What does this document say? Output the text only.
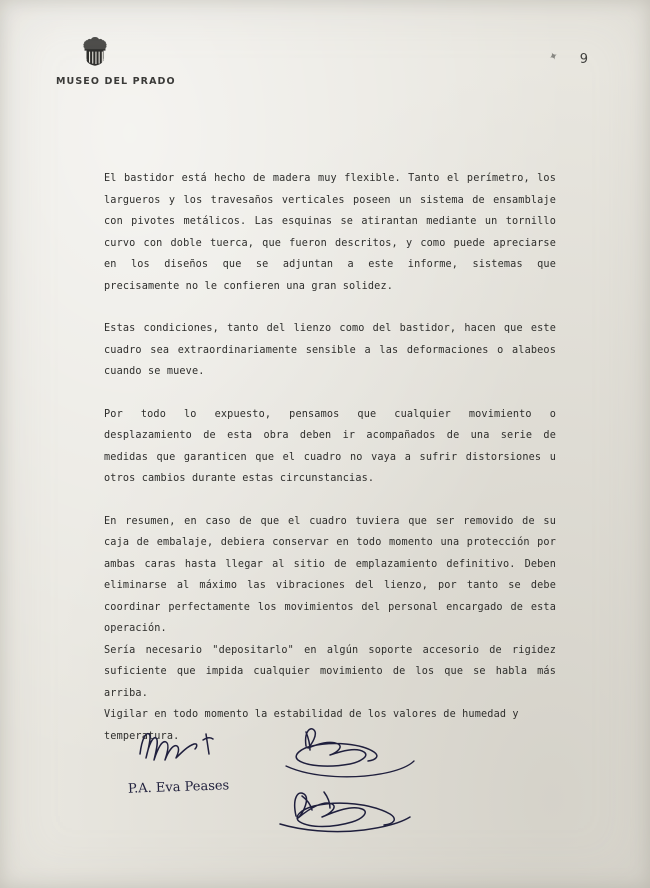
MUSEO DEL PRADO
✦ 9

El bastidor está hecho de madera muy flexible. Tanto el perímetro, los largueros y los travesaños verticales poseen un sistema de ensamblaje con pivotes metálicos. Las esquinas se atirantan mediante un tornillo curvo con doble tuerca, que fueron descritos, y como puede apreciarse en los diseños que se adjuntan a este informe, sistemas que precisamente no le confieren una gran solidez.

Estas condiciones, tanto del lienzo como del bastidor, hacen que este cuadro sea extraordinariamente sensible a las deformaciones o alabeos cuando se mueve.

Por todo lo expuesto, pensamos que cualquier movimiento o desplazamiento de esta obra deben ir acompañados de una serie de medidas que garanticen que el cuadro no vaya a sufrir distorsiones u otros cambios durante estas circunstancias.

En resumen, en caso de que el cuadro tuviera que ser removido de su caja de embalaje, debiera conservar en todo momento una protección por ambas caras hasta llegar al sitio de emplazamiento definitivo. Deben eliminarse al máximo las vibraciones del lienzo, por tanto se debe coordinar perfectamente los movimientos del personal encargado de esta operación.

Sería necesario "depositarlo" en algún soporte accesorio de rigidez suficiente que impida cualquier movimiento de los que se habla más arriba.

Vigilar en todo momento la estabilidad de los valores de humedad y temperatura.

P.A. Eva Peases
